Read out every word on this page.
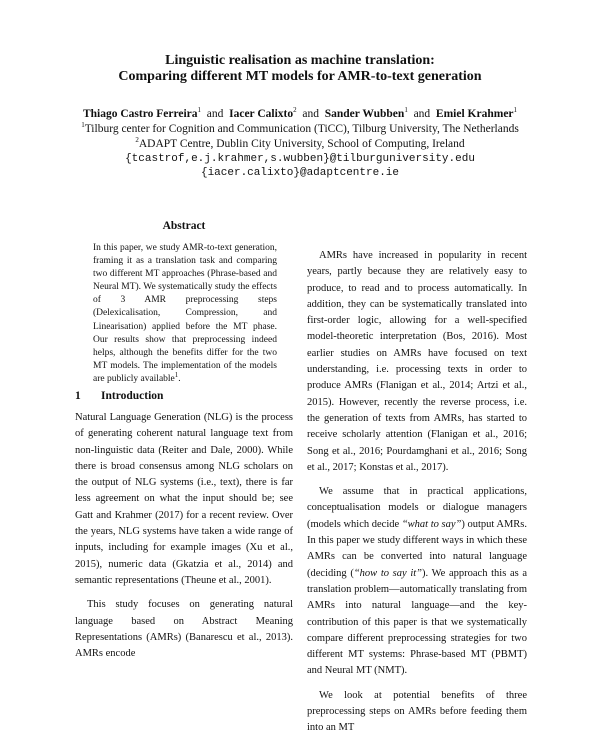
Linguistic realisation as machine translation:
Comparing different MT models for AMR-to-text generation
Thiago Castro Ferreira$^1$ and Iacer Calixto$^2$ and Sander Wubben$^1$ and Emiel Krahmer$^1$
$^1$Tilburg center for Cognition and Communication (TiCC), Tilburg University, The Netherlands
$^2$ADAPT Centre, Dublin City University, School of Computing, Ireland
{tcastrof,e.j.krahmer,s.wubben}@tilburguniversity.edu
{iacer.calixto}@adaptcentre.ie
Abstract

In this paper, we study AMR-to-text generation, framing it as a translation task and comparing two different MT approaches (Phrase-based and Neural MT). We systematically study the effects of 3 AMR preprocessing steps (Delexicalisation, Compression, and Linearisation) applied before the MT phase. Our results show that preprocessing indeed helps, although the benefits differ for the two MT models. The implementation of the models are publicly available$^1$.

1 Introduction

Natural Language Generation (NLG) is the process of generating coherent natural language text from non-linguistic data (Reiter and Dale, 2000). While there is broad consensus among NLG scholars on the output of NLG systems (i.e., text), there is far less agreement on what the input should be; see Gatt and Krahmer (2017) for a recent review. Over the years, NLG systems have taken a wide range of inputs, including for example images (Xu et al., 2015), numeric data (Gkatzia et al., 2014) and semantic representations (Theune et al., 2001).

This study focuses on generating natural language based on Abstract Meaning Representations (AMRs) (Banarescu et al., 2013). AMRs encode

AMRs have increased in popularity in recent years, partly because they are relatively easy to produce, to read and to process automatically. In addition, they can be systematically translated into first-order logic, allowing for a well-specified model-theoretic interpretation (Bos, 2016). Most earlier studies on AMRs have focused on text understanding, i.e. processing texts in order to produce AMRs (Flanigan et al., 2014; Artzi et al., 2015). However, recently the reverse process, i.e. the generation of texts from AMRs, has started to receive scholarly attention (Flanigan et al., 2016; Song et al., 2016; Pourdamghani et al., 2016; Song et al., 2017; Konstas et al., 2017).

We assume that in practical applications, conceptualisation models or dialogue managers (models which decide “what to say”) output AMRs. In this paper we study different ways in which these AMRs can be converted into natural language (deciding (“how to say it”). We approach this as a translation problem—automatically translating from AMRs into natural language—and the key-contribution of this paper is that we systematically compare different preprocessing strategies for two different MT systems: Phrase-based MT (PBMT) and Neural MT (NMT).

We look at potential benefits of three preprocessing steps on AMRs before feeding them into an MT
